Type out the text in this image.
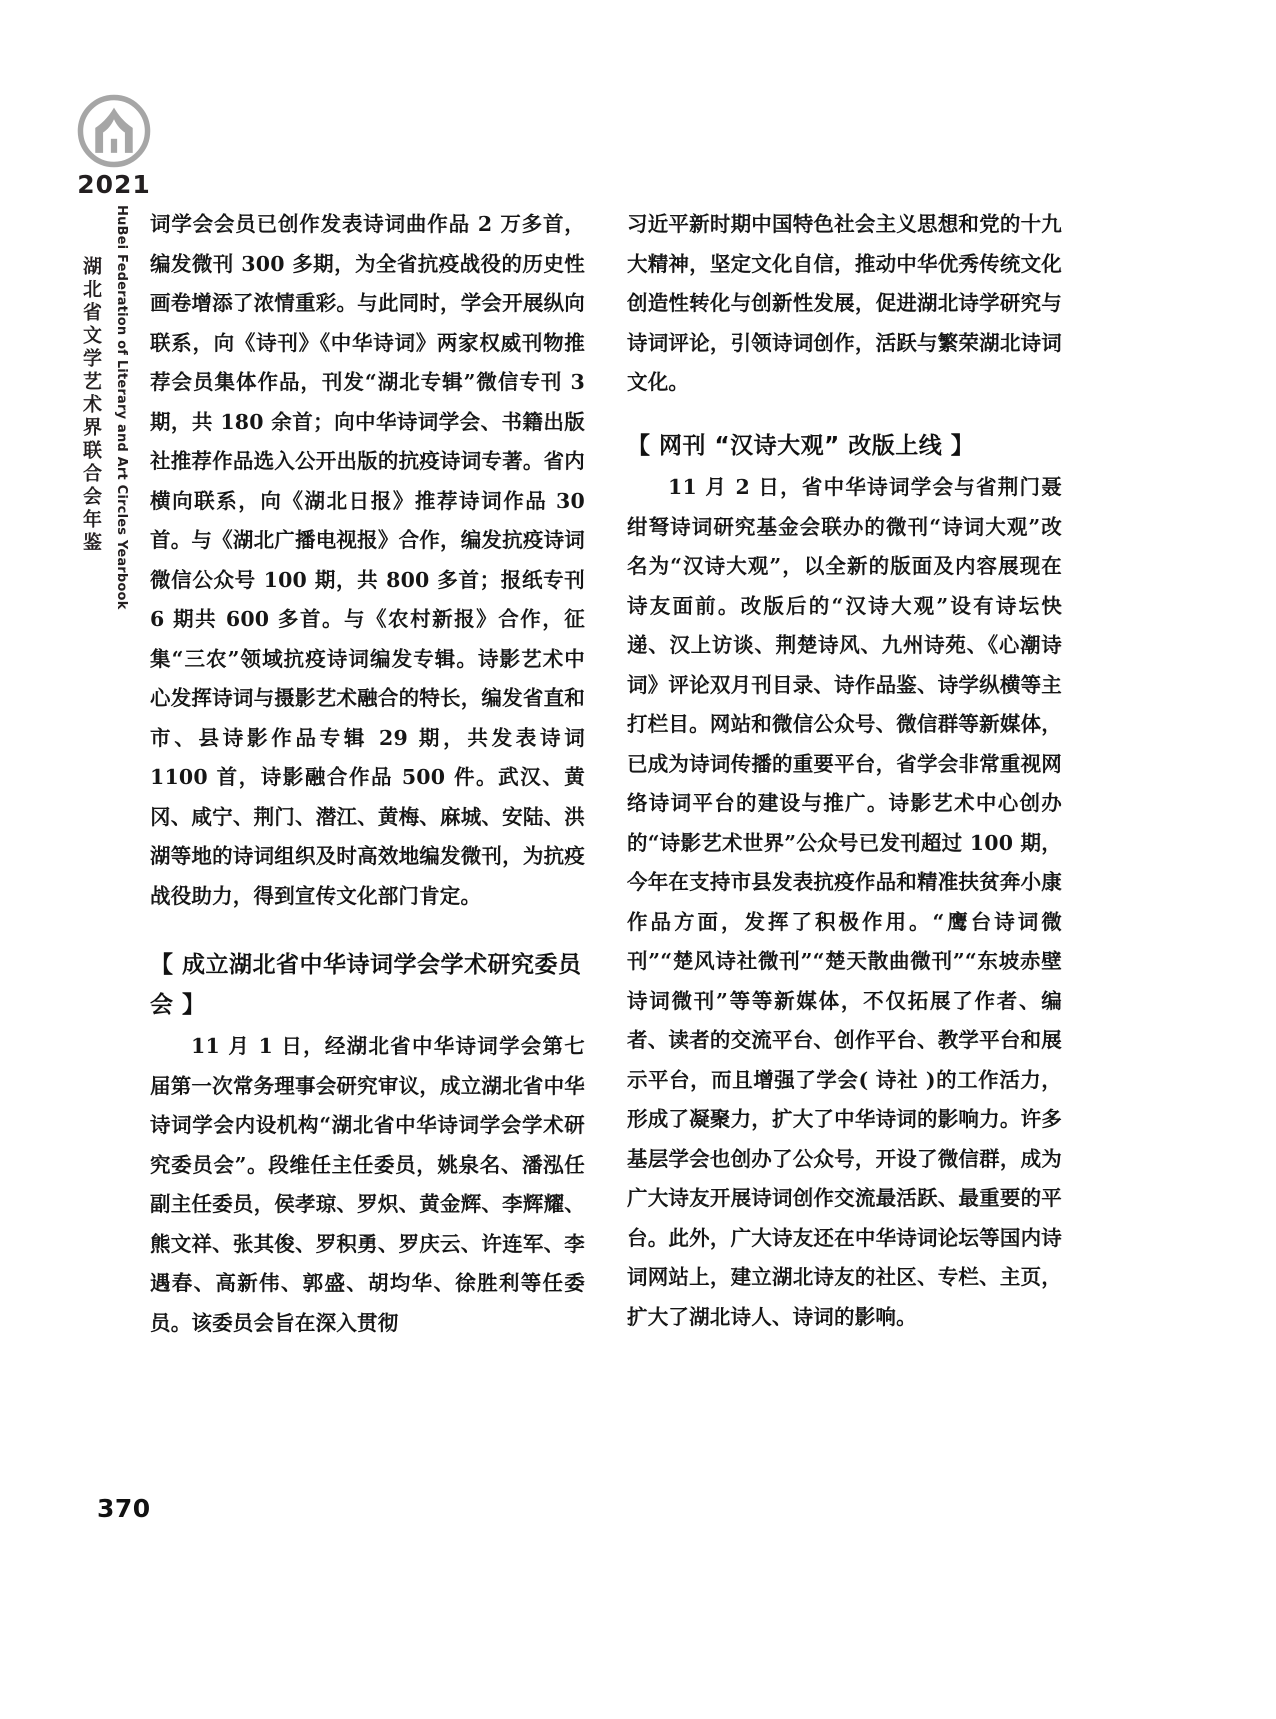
2021
湖北省文学艺术界联合会年鉴 HuBei Federation of Literary and Art Circles Yearbook 词学会会员已创作发表诗词曲作品 2 万多首，编发微刊 300 多期，为全省抗疫战役的历史性画卷增添了浓情重彩。与此同时，学会开展纵向联系，向《诗刊》《中华诗词》两家权威刊物推荐会员集体作品，刊发“湖北专辑”微信专刊 3 期，共 180 余首；向中华诗词学会、书籍出版社推荐作品选入公开出版的抗疫诗词专著。省内横向联系，向《湖北日报》推荐诗词作品 30 首。与《湖北广播电视报》合作，编发抗疫诗词微信公众号 100 期，共 800 多首；报纸专刊 6 期共 600 多首。与《农村新报》合作，征集“三农”领域抗疫诗词编发专辑。诗影艺术中心发挥诗词与摄影艺术融合的特长，编发省直和市、县诗影作品专辑 29 期，共发表诗词 1100 首，诗影融合作品 500 件。武汉、黄冈、咸宁、荆门、潜江、黄梅、麻城、安陆、洪湖等地的诗词组织及时高效地编发微刊，为抗疫战役助力，得到宣传文化部门肯定。

【 成立湖北省中华诗词学会学术研究委员会 】

11 月 1 日，经湖北省中华诗词学会第七届第一次常务理事会研究审议，成立湖北省中华诗词学会内设机构“湖北省中华诗词学会学术研究委员会”。段维任主任委员，姚泉名、潘泓任副主任委员，侯孝琼、罗炽、黄金辉、李辉耀、熊文祥、张其俊、罗积勇、罗庆云、许连军、李遇春、高新伟、郭盛、胡均华、徐胜利等任委员。该委员会旨在深入贯彻

习近平新时期中国特色社会主义思想和党的十九大精神，坚定文化自信，推动中华优秀传统文化创造性转化与创新性发展，促进湖北诗学研究与诗词评论，引领诗词创作，活跃与繁荣湖北诗词文化。

【 网刊 “汉诗大观” 改版上线 】

11 月 2 日，省中华诗词学会与省荆门聂绀弩诗词研究基金会联办的微刊“诗词大观”改名为“汉诗大观”，以全新的版面及内容展现在诗友面前。改版后的“汉诗大观”设有诗坛快递、汉上访谈、荆楚诗风、九州诗苑、《心潮诗词》评论双月刊目录、诗作品鉴、诗学纵横等主打栏目。网站和微信公众号、微信群等新媒体，已成为诗词传播的重要平台，省学会非常重视网络诗词平台的建设与推广。诗影艺术中心创办的“诗影艺术世界”公众号已发刊超过 100 期，今年在支持市县发表抗疫作品和精准扶贫奔小康作品方面，发挥了积极作用。“鹰台诗词微刊”“楚风诗社微刊”“楚天散曲微刊”“东坡赤壁诗词微刊”等等新媒体，不仅拓展了作者、编者、读者的交流平台、创作平台、教学平台和展示平台，而且增强了学会( 诗社 )的工作活力，形成了凝聚力，扩大了中华诗词的影响力。许多基层学会也创办了公众号，开设了微信群，成为广大诗友开展诗词创作交流最活跃、最重要的平台。此外，广大诗友还在中华诗词论坛等国内诗词网站上，建立湖北诗友的社区、专栏、主页，扩大了湖北诗人、诗词的影响。

370
